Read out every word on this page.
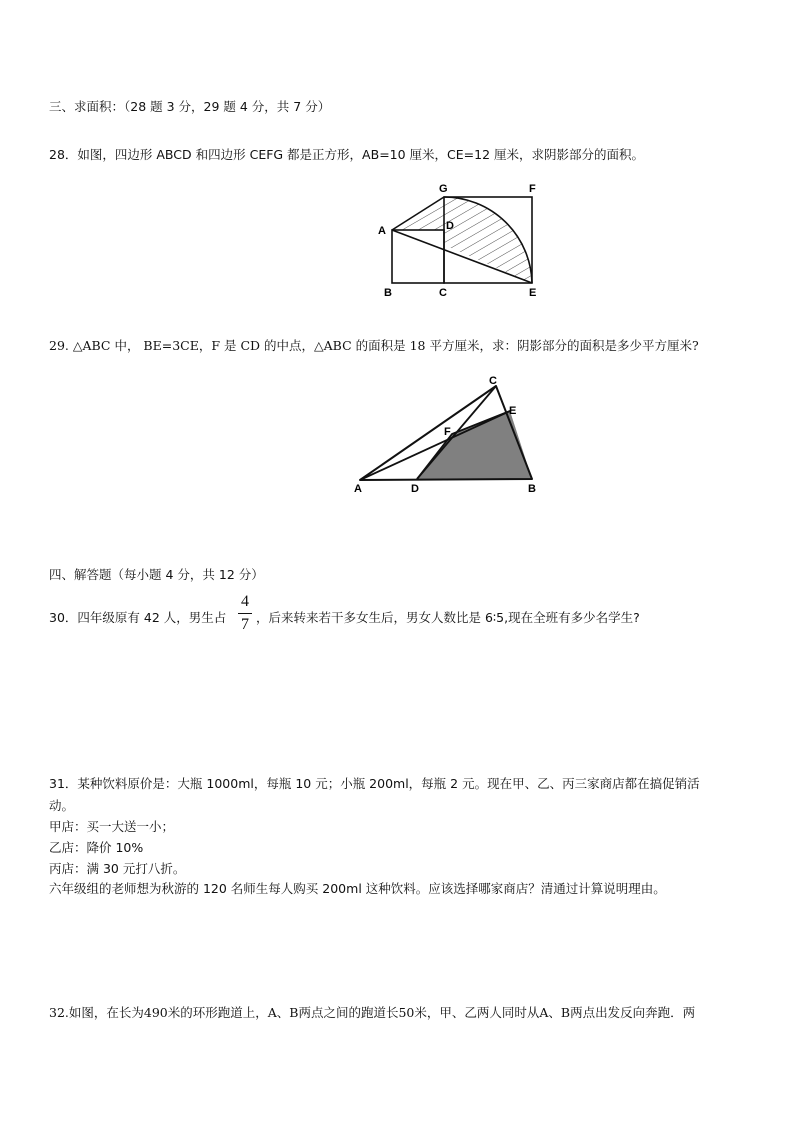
三、求面积：（28 题 3 分，29 题 4 分，共 7 分）
28．如图，四边形 ABCD 和四边形 CEFG 都是正方形，AB=10 厘米，CE=12 厘米，求阴影部分的面积。
G	F
A	D
B	C	E
29. △ABC 中， BE=3CE，F 是 CD 的中点，△ABC 的面积是 18 平方厘米，求：阴影部分的面积是多少平方厘米?
C
E
F
A	D	B
四、解答题（每小题 4 分，共 12 分）
30．四年级原有 42 人，男生占
4
7 ，后来转来若干多女生后，男女人数比是 6∶5,现在全班有多少名学生?
31．某种饮料原价是：大瓶 1000ml，每瓶 10 元；小瓶 200ml，每瓶 2 元。现在甲、乙、丙三家商店都在搞促销活
动。
甲店：买一大送一小；
乙店：降价 10%
丙店：满 30 元打八折。
六年级组的老师想为秋游的 120 名师生每人购买 200ml 这种饮料。应该选择哪家商店？清通过计算说明理由。
32.如图，在长为490米的环形跑道上，A、B两点之间的跑道长50米，甲、乙两人同时从A、B两点出发反向奔跑．两
